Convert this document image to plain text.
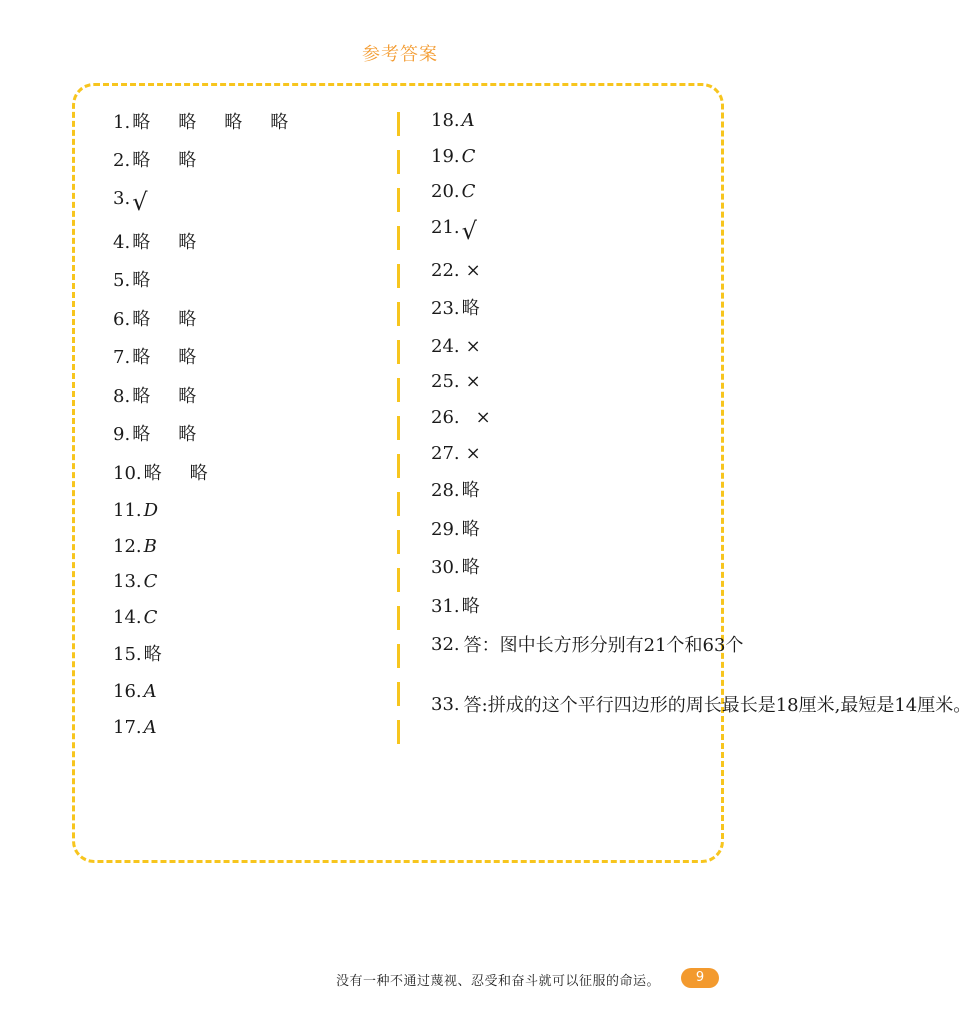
参考答案
1. 略 略 略 略
2. 略 略
3.√
4. 略 略
5. 略
6. 略 略
7. 略 略
8. 略 略
9. 略 略
10. 略 略
11. D
12. B
13. C
14. C
15. 略
16. A
17. A
18. A
19. C
20. C
21.√
22. ×
23. 略
24. ×
25. ×
26. ×
27. ×
28. 略
29. 略
30. 略
31. 略
32. 答：图中长方形分别有21个和63个
33. 答:拼成的这个平行四边形的周长最长是18厘米,最短是14厘米。
没有一种不通过蔑视、忍受和奋斗就可以征服的命运。	9
